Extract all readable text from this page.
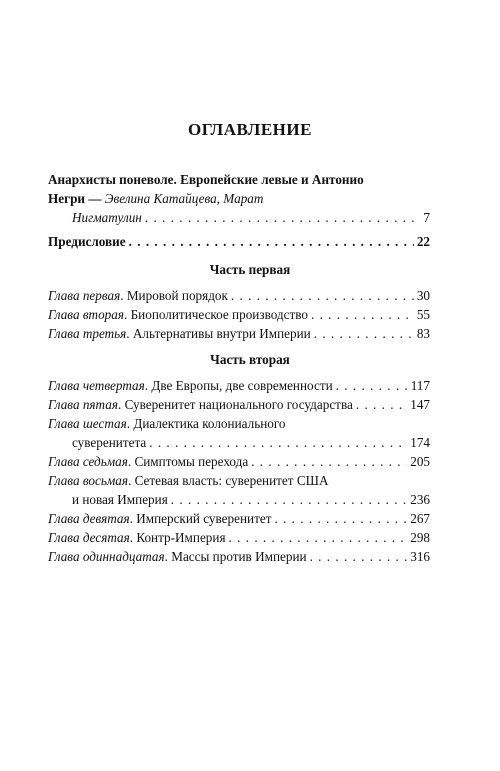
ОГЛАВЛЕНИЕ
Анархисты поневоле. Европейские левые и Антонио
Негри — Эвелина Катайцева, Марат
Нигматулин . . .	7
Предисловие . . .	22
Часть первая
Глава первая . Мировой порядок . . .	30
Глава вторая . Биополитическое производство . . .	55
Глава третья . Альтернативы внутри Империи . . .	83
Часть вторая
Глава четвертая . Две Европы, две современности . . .	117
Глава пятая . Суверенитет национального государства . . .	147
Глава шестая . Диалектика колониального
суверенитета . . .	174
Глава седьмая . Симптомы перехода . . .	205
Глава восьмая . Сетевая власть: суверенитет США
и новая Империя . . .	236
Глава девятая . Имперский суверенитет . . .	267
Глава десятая . Контр-Империя . . .	298
Глава одиннадцатая . Массы против Империи . . .	316
